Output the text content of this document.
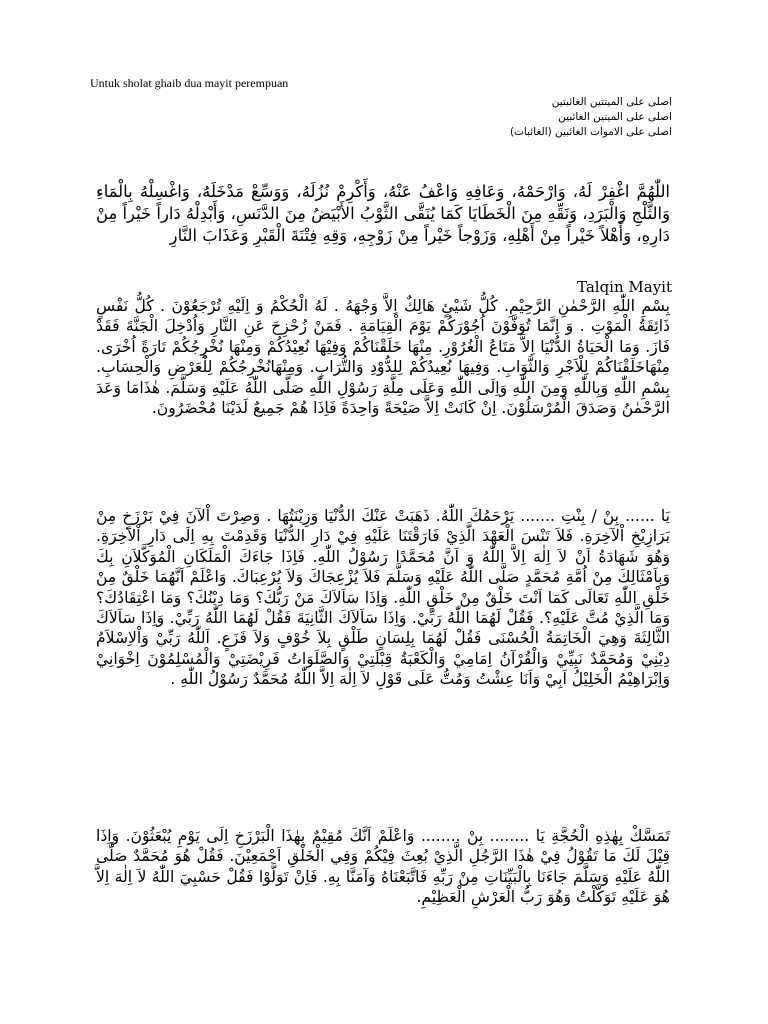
Untuk sholat ghaib dua mayit perempuan
اصلى على الميتتين الغائبتين
اصلى على الميتين الغائبين
اصلى على الاموات الغائبين (الغائبات)
اللّٰهُمَّ اغْفِرْ لَهُ، وَارْحَمْهُ، وَعَافِهِ وَاعْفُ عَنْهُ، وَأَكْرِمْ نُزُلَهُ، وَوَسِّعْ مَدْخَلَهُ، وَاغْسِلْهُ بِالْمَاءِ وَالثَّلْجِ وَالْبَرَدِ، وَنَقِّهِ مِنَ الْخَطَايَا كَمَا يُنَقَّى الثَّوْبُ الأَبْيَضُ مِنَ الدَّنَسِ، وَأَبْدِلْهُ دَاراً خَيْراً مِنْ دَارِهِ، وَأَهْلاً خَيْراً مِنْ أَهْلِهِ، وَزَوْجاً خَيْراً مِنْ زَوْجِهِ، وَقِهِ فِتْنَةَ الْقَبْرِ وَعَذَابَ النَّارِ
Talqin Mayit
بِسْمِ اللّٰهِ الرَّحْمٰنِ الرَّحِيْمِ. كُلُّ شَيْئٍ هَالِكٌ اِلاَّ وَجْهَهُ . لَهُ الْحُكْمُ وَ اِلَيْهِ تُرْجَعُوْنَ . كُلُّ نَفْسٍ ذَائِقَةُ الْمَوْتِ . وَ اِنَّمَا تُوَفَّوْنَ اُجُوْرَكُمْ يَوْمَ الْقِيَامَةِ . فَمَنْ زُحْزِحَ عَنِ النَّارِ وَاُدْخِلَ الْجَنَّةَ فَقَدْ فَازَ. وَمَا الْحَيَاةُ الدُّنْيَا اِلاَّ مَتَاعُ الْغُرُوْرِ. مِنْهَا خَلَقْنَاكُمْ وَفِيْهَا نُعِيْدُكُمْ وَمِنْهَا نُخْرِجُكُمْ تَارَةً اُخْرَى. مِنْهَاخَلَقْنَاكُمْ لِلْاَجْرِ وَالثَّوَابِ. وَفِيهَا نُعِيدُكُمْ لِلدُّوْدِ وَالتُّرَابِ. وَمِنْهَانُخْرِجُكُمْ لِلْعَرْضِ وَالْحِسَابِ. بِسْمِ اللّٰهِ وَبِاللّٰهِ وَمِنَ اللّٰهِ وَاِلَى اللّٰهِ وَعَلَى مِلَّةِ رَسُوْلِ اللّٰهِ صَلَّى اللّٰهُ عَلَيْهِ وَسَلَّمَ. هٰذَامَا وَعَدَ الرَّحْمٰنُ وَصَدَقَ الْمُرْسَلُوْنَ. اِنْ كَانَتْ اِلاَّ صَيْحَةً وَاحِدَةً فَاِذَا هُمْ جَمِيعٌ لَدَيْنَا مُحْضَرُونَ.
يَا ...... بِنْ / بِنْتِ ....... يَرْحَمُكَ اللّٰهُ. ذَهَبَتْ عَنْكَ الدُّنْيَا وَزِيْنَتُهَا . وَصِرْتَ اْلآنَ فِيْ بَرْزَخٍ مِنْ بَرَازِيْخِ اْلآخِرَةِ. فَلاَ تَنْسَ الْعَهْدَ الَّذِيْ فَارَقْتَنَا عَلَيْهِ فِيْ دَارِ الدُّنْيَا وَقَدِمْتَ بِهِ اِلَى دَارِ اْلآخِرَةِ. وَهُوَ شَهَادَةُ اَنْ لاَ اِلٰهَ اِلاَّ اللّٰهُ وَ اَنَّ مُحَمَّدًا رَسُوْلُ اللّٰهِ. فَاِذَا جَاءَكَ الْمَلَكَانِ الْمُوَكَّلاَنِ بِكَ وَبِاَمْثَالِكَ مِنْ اُمَّةِ مُحَمَّدٍ صَلَّى اللّٰهُ عَلَيْهِ وَسَلَّمَ فَلاَ يُزْعِجَاكَ وَلاَ يُرْعِبَاكَ. وَاعْلَمْ اَنَّهُمَا خَلْقٌ مِنْ خَلْقِ اللّٰهِ تَعَالَى كَمَا اَنْتَ خَلْقٌ مِنْ خَلْقِ اللّٰهِ. وَاِذَا سَاَلاَكَ مَنْ رَبُّكَ؟ وَمَا دِيْنُكَ؟ وَمَا اعْتِقَادُكَ؟ وَمَا الَّذِيْ مُتَّ عَلَيْهِ؟. فَقُلْ لَهُمَا اللّٰهُ رَبِّيْ. وَاِذَا سَاَلاَكَ الثَّانِيَةَ فَقُلْ لَهُمَا اللّٰهُ رَبِّيْ. وَاِذَا سَاَلاَكَ الثَّالِثَةَ وَهِيَ الْخَاتِمَةُ الْحُسْنَى فَقُلْ لَهُمَا بِلِسَانٍ طَلْقٍ بِلاَ خُوْفٍ وَلاَ فَزَعٍ. اَللّٰهُ رَبِّيْ وَاْلاِسْلاَمُ دِيْنِيْ وَمُحَمَّدٌ نَبِيِّيْ وَالْقُرْآنُ اِمَامِيْ وَالْكَعْبَةُ قِبْلَتِيْ وَالصَّلَوَاتُ فَرِيْضَتِيْ وَالْمُسْلِمُوْنَ اِخْوَانِيْ وَاِبْرَاهِيْمُ الْخَلِيْلُ اَبِيْ وَاَنَا عِشْتُ وَمُتُّ عَلَى قَوْلِ لاَ اِلٰهَ اِلاَّ اللّٰهُ مُحَمَّدٌ رَسُوْلُ اللّٰهِ .
تَمَسَّكْ بِهٰذِهِ الْحُجَّةِ يَا ........ بِنْ ........ وَاعْلَمْ اَنَّكَ مُقِيْمٌ بِهٰذَا الْبَرْزَخِ اِلَى يَوْمِ يُبْعَثُوْنَ. وَاِذَا قِيْلَ لَكَ مَا تَقُوْلُ فِيْ هٰذَا الرَّجُلِ الَّذِيْ بُعِثَ فِيْكُمْ وَفِي الْخَلْقِ اَجْمَعِيْنَ. فَقُلْ هُوَ مُحَمَّدٌ صَلَّى اللّٰهُ عَلَيْهِ وَسَلَّمَ جَاءَنَا بِالْبَيِّنَاتِ مِنْ رَبِّهِ فَاتَّبَعْنَاهُ وَآمَنَّا بِهِ. فَاِنْ تَوَلَّوْا فَقُلْ حَسْبِيَ اللّٰهُ لاَ اِلٰهَ اِلاَّ هُوَ عَلَيْهِ تَوَكَّلْتُ وَهُوَ رَبُّ الْعَرْشِ الْعَظِيْمِ.
